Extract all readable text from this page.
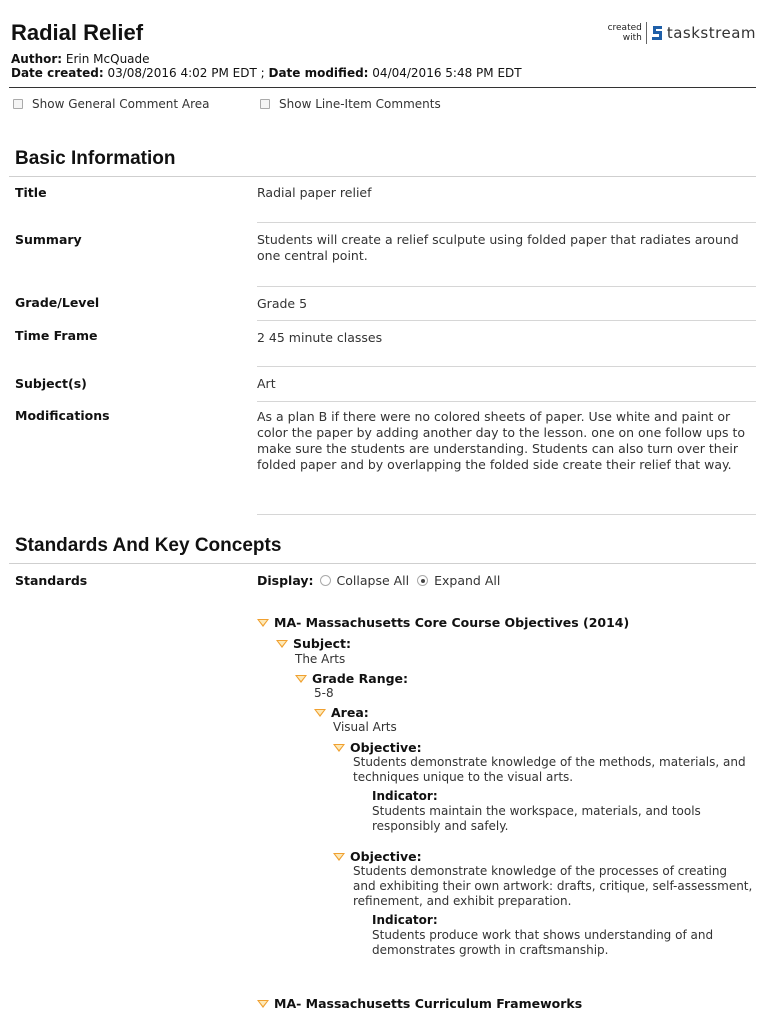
Radial Relief	created
with taskstream
Author: Erin McQuade
Date created: 03/08/2016 4:02 PM EDT ; Date modified: 04/04/2016 5:48 PM EDT
Show General Comment Area	Show Line-Item Comments
Basic Information
Title	Radial paper relief
Summary	Students will create a relief sculpute using folded paper that radiates around one central point.
Grade/Level	Grade 5
Time Frame	2 45 minute classes
Subject(s)	Art
Modifications	As a plan B if there were no colored sheets of paper. Use white and paint or color the paper by adding another day to the lesson. one on one follow ups to make sure the students are understanding. Students can also turn over their folded paper and by overlapping the folded side create their relief that way.
Standards And Key Concepts
Standards	Display: Collapse All Expand All
MA- Massachusetts Core Course Objectives (2014)
Subject:
The Arts
Grade Range:
5-8
Area:
Visual Arts
Objective:
Students demonstrate knowledge of the methods, materials, and techniques unique to the visual arts.
Indicator:
Students maintain the workspace, materials, and tools responsibly and safely.
Objective:
Students demonstrate knowledge of the processes of creating and exhibiting their own artwork: drafts, critique, self-assessment, refinement, and exhibit preparation.
Indicator:
Students produce work that shows understanding of and demonstrates growth in craftsmanship.
MA- Massachusetts Curriculum Frameworks
